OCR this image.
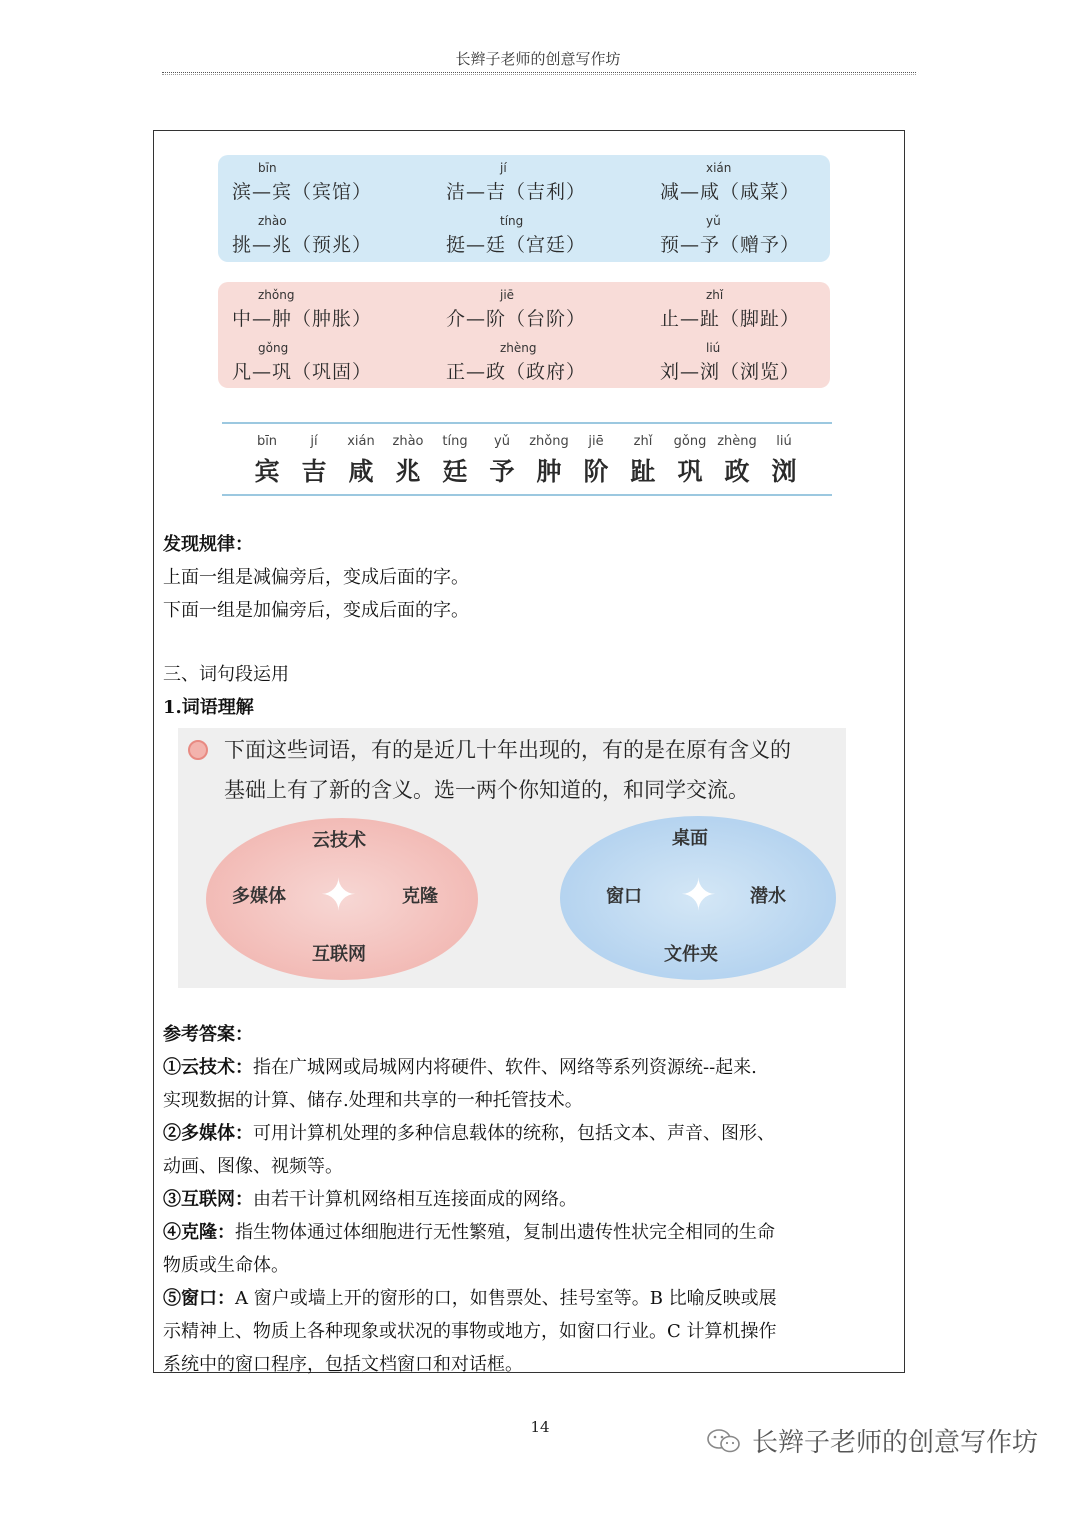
长辫子老师的创意写作坊
bīn
滨—宾（宾馆）
jí
洁—吉（吉利）
xián
减—咸（咸菜）
zhào
挑—兆（预兆）
tíng
挺—廷（宫廷）
yǔ
预—予（赠予）
zhǒng
中—肿（肿胀）
jiē
介—阶（台阶）
zhǐ
止—趾（脚趾）
gǒng
凡—巩（巩固）
zhèng
正—政（政府）
liú
刘—浏（浏览）
bīn
宾
jí
吉
xián
咸
zhào
兆
tíng
廷
yǔ
予
zhǒng
肿
jiē
阶
zhǐ
趾
gǒng
巩
zhèng
政
liú
浏
发现规律：
上面一组是减偏旁后，变成后面的字。
下面一组是加偏旁后，变成后面的字。
三、词句段运用
1.词语理解
下面这些词语，有的是近几十年出现的，有的是在原有含义的
基础上有了新的含义。选一两个你知道的，和同学交流。
云技术
多媒体	克隆
互联网
✦
桌面
窗口	潜水
文件夹
✦
参考答案：
①云技术：指在广城网或局城网内将硬件、软件、网络等系列资源统--起来.
实现数据的计算、储存.处理和共享的一种托管技术。
②多媒体：可用计算机处理的多种信息载体的统称，包括文本、声音、图形、
动画、图像、视频等。
③互联网：由若干计算机网络相互连接面成的网络。
④克隆：指生物体通过体细胞进行无性繁殖，复制出遗传性状完全相同的生命
物质或生命体。
⑤窗口：A 窗户或墙上开的窗形的口，如售票处、挂号室等。B 比喻反映或展
示精神上、物质上各种现象或状况的事物或地方，如窗口行业。C 计算机操作
系统中的窗口程序，包括文档窗口和对话框。
14
长辫子老师的创意写作坊
